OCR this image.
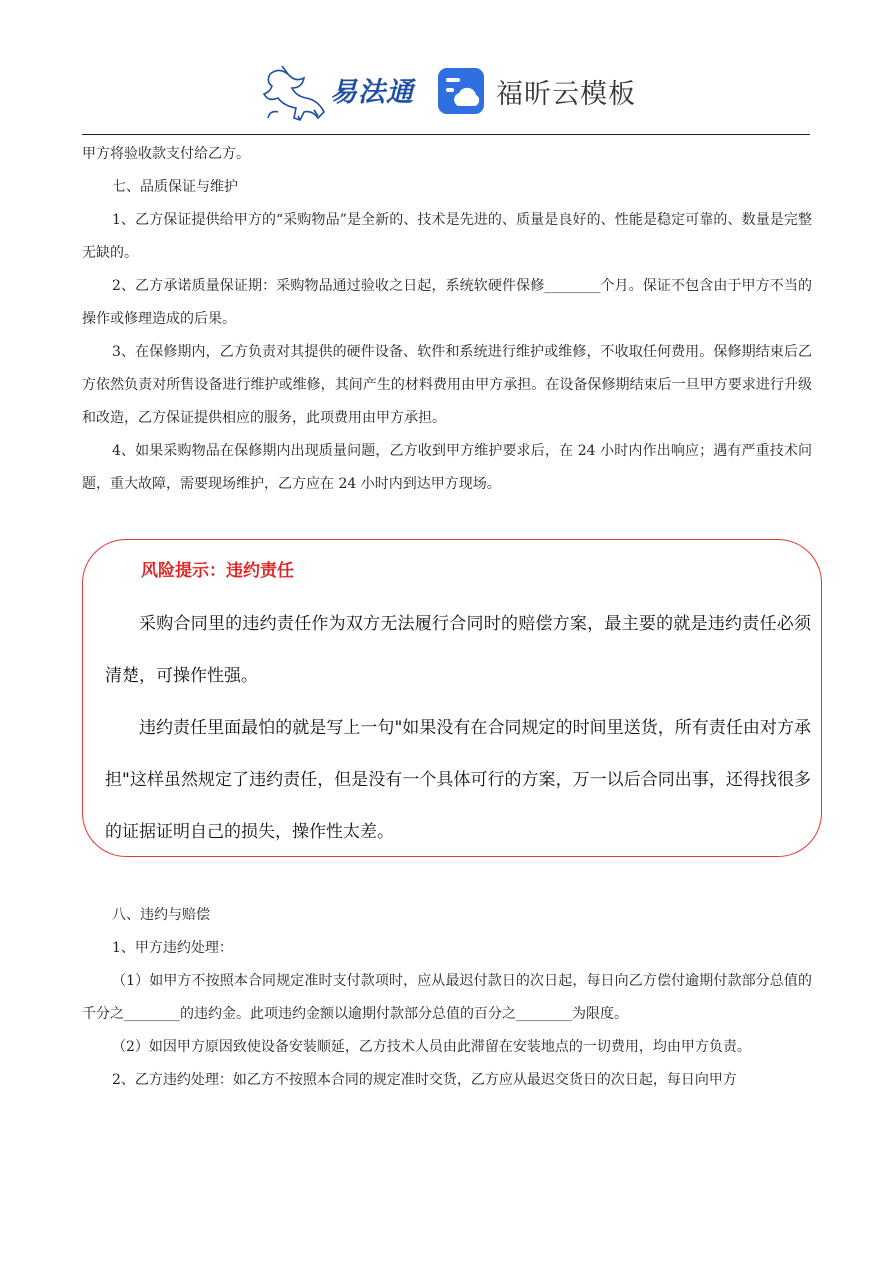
易法通	福昕云模板

甲方将验收款支付给乙方。

七、品质保证与维护

1、乙方保证提供给甲方的“采购物品”是全新的、技术是先进的、质量是良好的、性能是稳定可靠的、数量是完整无缺的。

2、乙方承诺质量保证期：采购物品通过验收之日起，系统软硬件保修________个月。保证不包含由于甲方不当的操作或修理造成的后果。

3、在保修期内，乙方负责对其提供的硬件设备、软件和系统进行维护或维修，不收取任何费用。保修期结束后乙方依然负责对所售设备进行维护或维修，其间产生的材料费用由甲方承担。在设备保修期结束后一旦甲方要求进行升级和改造，乙方保证提供相应的服务，此项费用由甲方承担。

4、如果采购物品在保修期内出现质量问题，乙方收到甲方维护要求后，在 24 小时内作出响应；遇有严重技术问题，重大故障，需要现场维护，乙方应在 24 小时内到达甲方现场。

风险提示：违约责任

采购合同里的违约责任作为双方无法履行合同时的赔偿方案，最主要的就是违约责任必须清楚，可操作性强。

违约责任里面最怕的就是写上一句"如果没有在合同规定的时间里送货，所有责任由对方承担"这样虽然规定了违约责任，但是没有一个具体可行的方案，万一以后合同出事，还得找很多的证据证明自己的损失，操作性太差。

八、违约与赔偿

1、甲方违约处理：

（1）如甲方不按照本合同规定准时支付款项时，应从最迟付款日的次日起，每日向乙方偿付逾期付款部分总值的千分之________的违约金。此项违约金额以逾期付款部分总值的百分之________为限度。

（2）如因甲方原因致使设备安装顺延，乙方技术人员由此滞留在安装地点的一切费用，均由甲方负责。

2、乙方违约处理：如乙方不按照本合同的规定准时交货，乙方应从最迟交货日的次日起，每日向甲方
